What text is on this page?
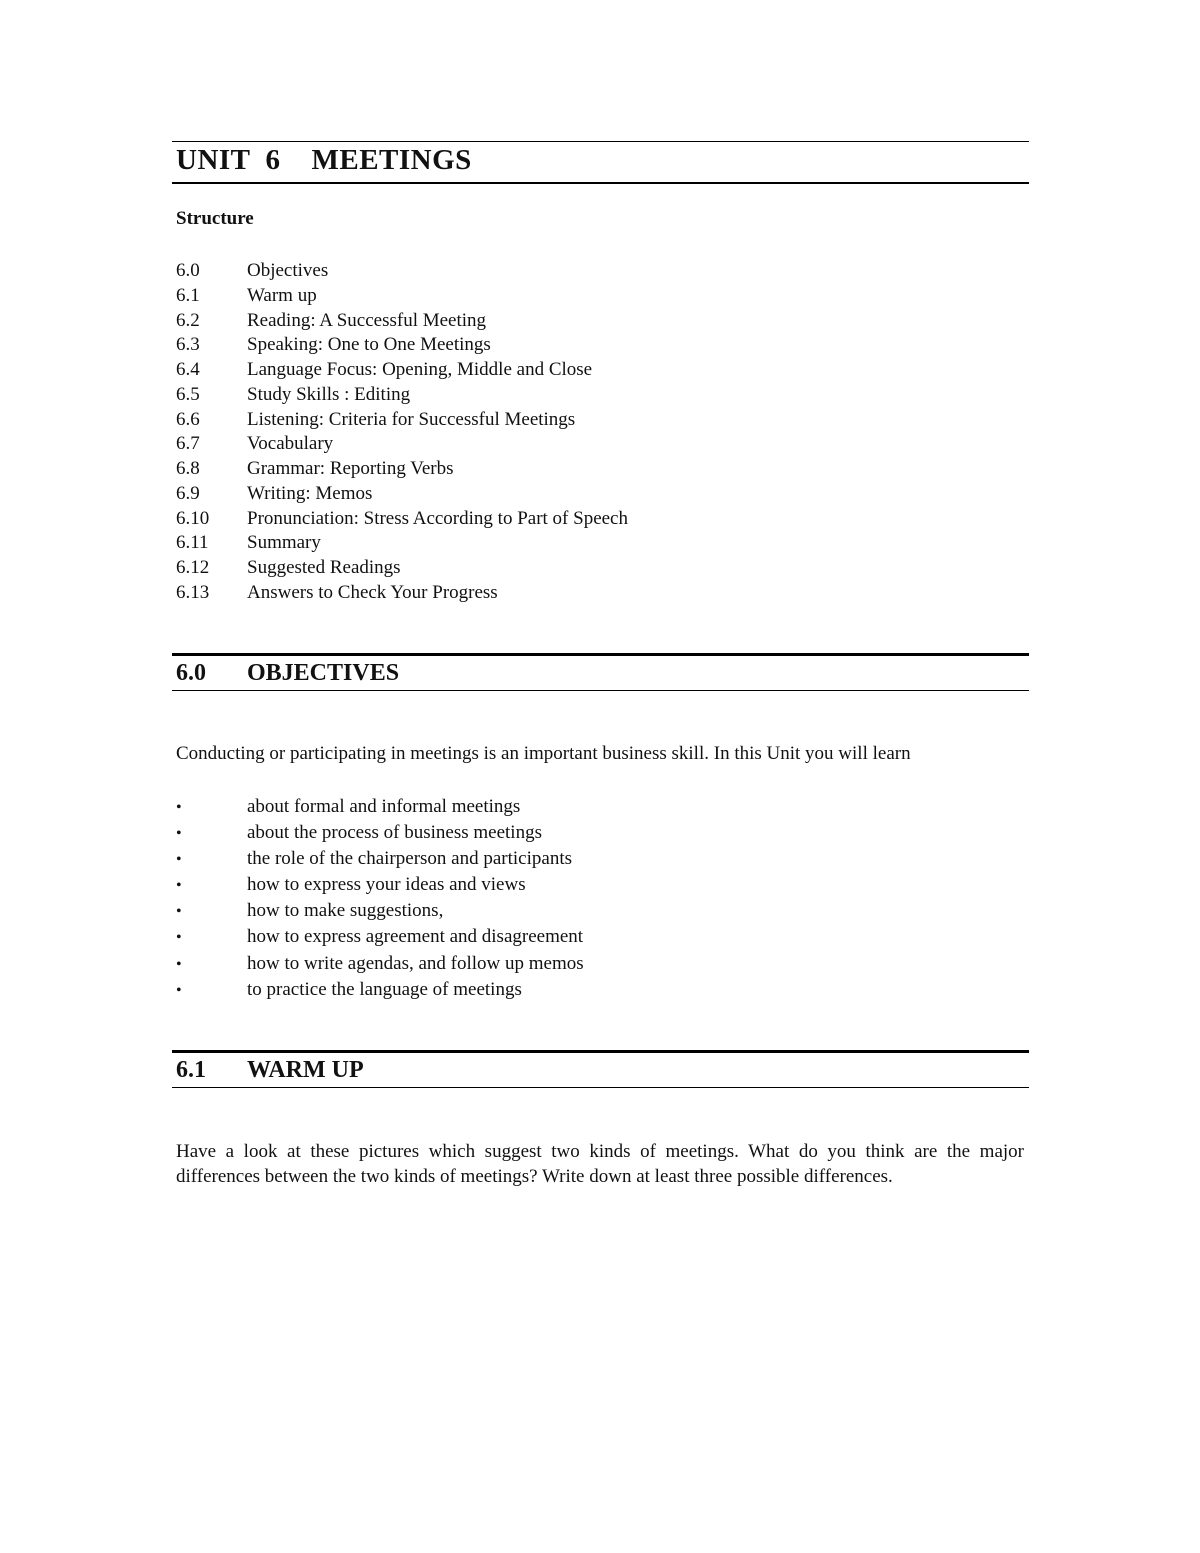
UNIT  6    MEETINGS
Structure
6.0 Objectives
6.1 Warm up
6.2 Reading: A Successful Meeting
6.3 Speaking: One to One Meetings
6.4 Language Focus: Opening, Middle and Close
6.5 Study Skills : Editing
6.6 Listening: Criteria for Successful Meetings
6.7 Vocabulary
6.8 Grammar: Reporting Verbs
6.9 Writing: Memos
6.10 Pronunciation: Stress According to Part of Speech
6.11 Summary
6.12 Suggested Readings
6.13 Answers to Check Your Progress
6.0 OBJECTIVES
Conducting or participating in meetings is an important business skill. In this Unit you will learn
•	about formal and informal meetings
•	about the process of business meetings
•	the role of the chairperson and participants
•	how to express your ideas and views
•	how to make suggestions,
•	how to express agreement and disagreement
•	how to write agendas, and follow up memos
•	to practice the language of meetings
6.1 WARM UP
Have a look at these pictures which suggest two kinds of meetings. What do you think are the major differences between the two kinds of meetings? Write down at least three possible differences.
